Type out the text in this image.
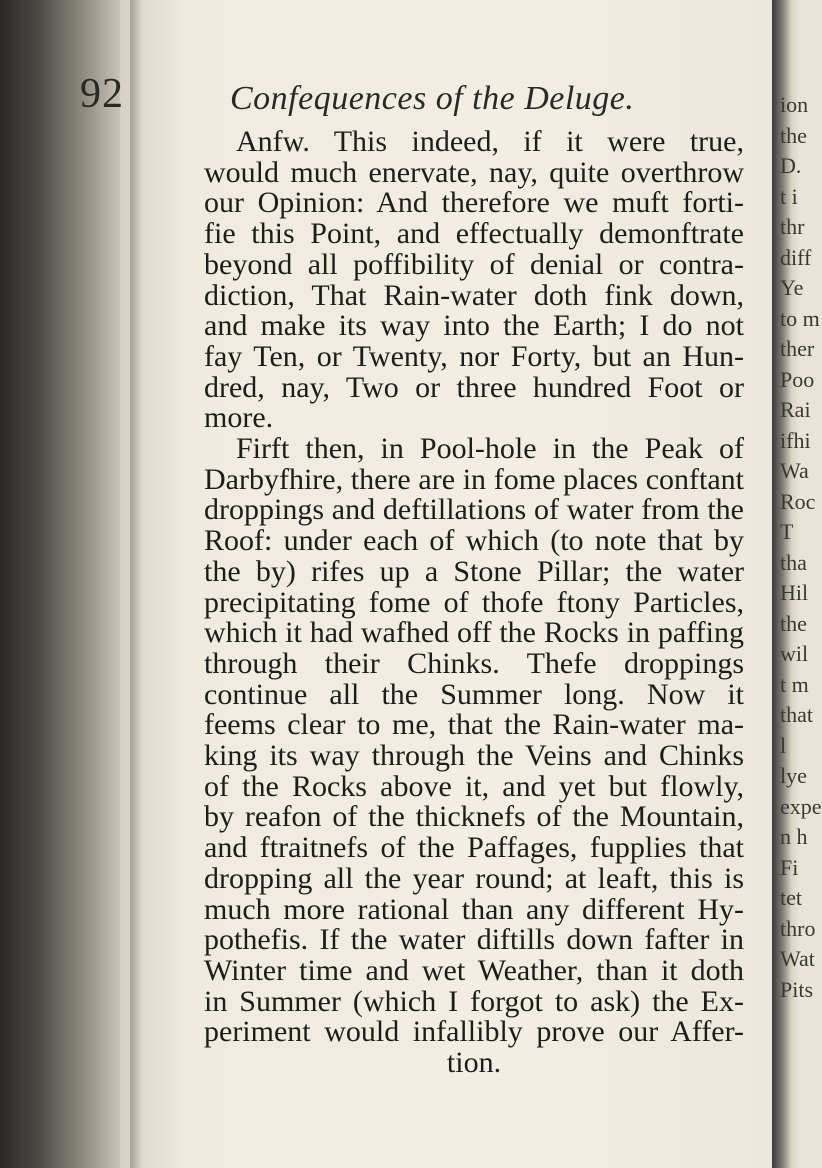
ion
the
D.
t i
thr
diff
Ye
to m
ther
Poo
Rai
ifhi
Wa
Roc
T
tha
Hil
the
wil
t m
that
l
lye
expe
n h
Fi
tet
thro
Wat
Pits
92	Confequences of the Deluge.
Anfw. This indeed, if it were true,
would much enervate, nay, quite overthrow
our Opinion: And therefore we muft forti-
fie this Point, and effectually demonftrate
beyond all poffibility of denial or contra-
diction, That Rain-water doth fink down,
and make its way into the Earth; I do not
fay Ten, or Twenty, nor Forty, but an Hun-
dred, nay, Two or three hundred Foot or
more.
Firft then, in Pool-hole in the Peak of
Darbyfhire, there are in fome places conftant
droppings and deftillations of water from the
Roof: under each of which (to note that by
the by) rifes up a Stone Pillar; the water
precipitating fome of thofe ftony Particles,
which it had wafhed off the Rocks in paffing
through their Chinks. Thefe droppings
continue all the Summer long. Now it
feems clear to me, that the Rain-water ma-
king its way through the Veins and Chinks
of the Rocks above it, and yet but flowly,
by reafon of the thicknefs of the Mountain,
and ftraitnefs of the Paffages, fupplies that
dropping all the year round; at leaft, this is
much more rational than any different Hy-
pothefis. If the water diftills down fafter in
Winter time and wet Weather, than it doth
in Summer (which I forgot to ask) the Ex-
periment would infallibly prove our Affer-
tion.
